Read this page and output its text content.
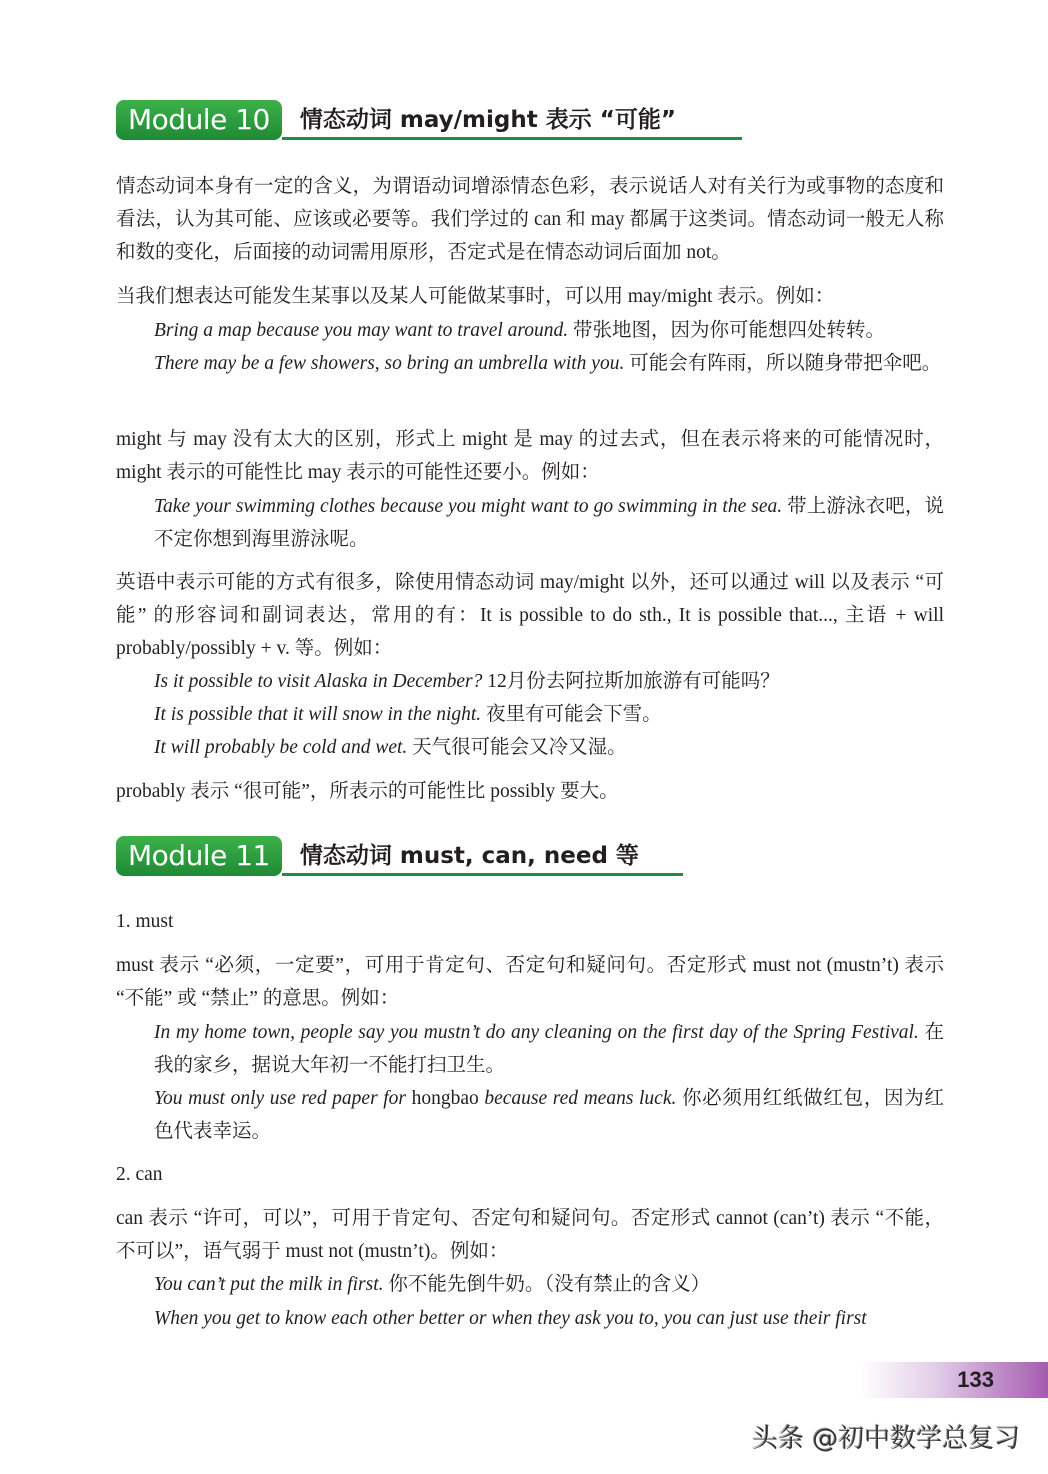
Module 10	情态动词 may/might 表示 “可能”
情态动词本身有一定的含义，为谓语动词增添情态色彩，表示说话人对有关行为或事物的态度和看法，认为其可能、应该或必要等。我们学过的 can 和 may 都属于这类词。情态动词一般无人称和数的变化，后面接的动词需用原形，否定式是在情态动词后面加 not。
当我们想表达可能发生某事以及某人可能做某事时，可以用 may/might 表示。例如：
Bring a map because you may want to travel around. 带张地图，因为你可能想四处转转。
There may be a few showers, so bring an umbrella with you. 可能会有阵雨，所以随身带把伞吧。
might 与 may 没有太大的区别，形式上 might 是 may 的过去式，但在表示将来的可能情况时，might 表示的可能性比 may 表示的可能性还要小。例如：
Take your swimming clothes because you might want to go swimming in the sea. 带上游泳衣吧，说不定你想到海里游泳呢。
英语中表示可能的方式有很多，除使用情态动词 may/might 以外，还可以通过 will 以及表示 “可能” 的形容词和副词表达，常用的有：It is possible to do sth., It is possible that..., 主语 + will probably/possibly + v. 等。例如：
Is it possible to visit Alaska in December? 12月份去阿拉斯加旅游有可能吗？
It is possible that it will snow in the night. 夜里有可能会下雪。
It will probably be cold and wet. 天气很可能会又冷又湿。
probably 表示 “很可能”，所表示的可能性比 possibly 要大。
Module 11	情态动词 must, can, need 等
1. must
must 表示 “必须，一定要”，可用于肯定句、否定句和疑问句。否定形式 must not (mustn’t) 表示 “不能” 或 “禁止” 的意思。例如：
In my home town, people say you mustn’t do any cleaning on the first day of the Spring Festival. 在我的家乡，据说大年初一不能打扫卫生。
You must only use red paper for hongbao because red means luck. 你必须用红纸做红包，因为红色代表幸运。
2. can
can 表示 “许可，可以”，可用于肯定句、否定句和疑问句。否定形式 cannot (can’t) 表示 “不能，不可以”，语气弱于 must not (mustn’t)。例如：
You can’t put the milk in first. 你不能先倒牛奶。（没有禁止的含义）
When you get to know each other better or when they ask you to, you can just use their first
133
头条 @初中数学总复习
